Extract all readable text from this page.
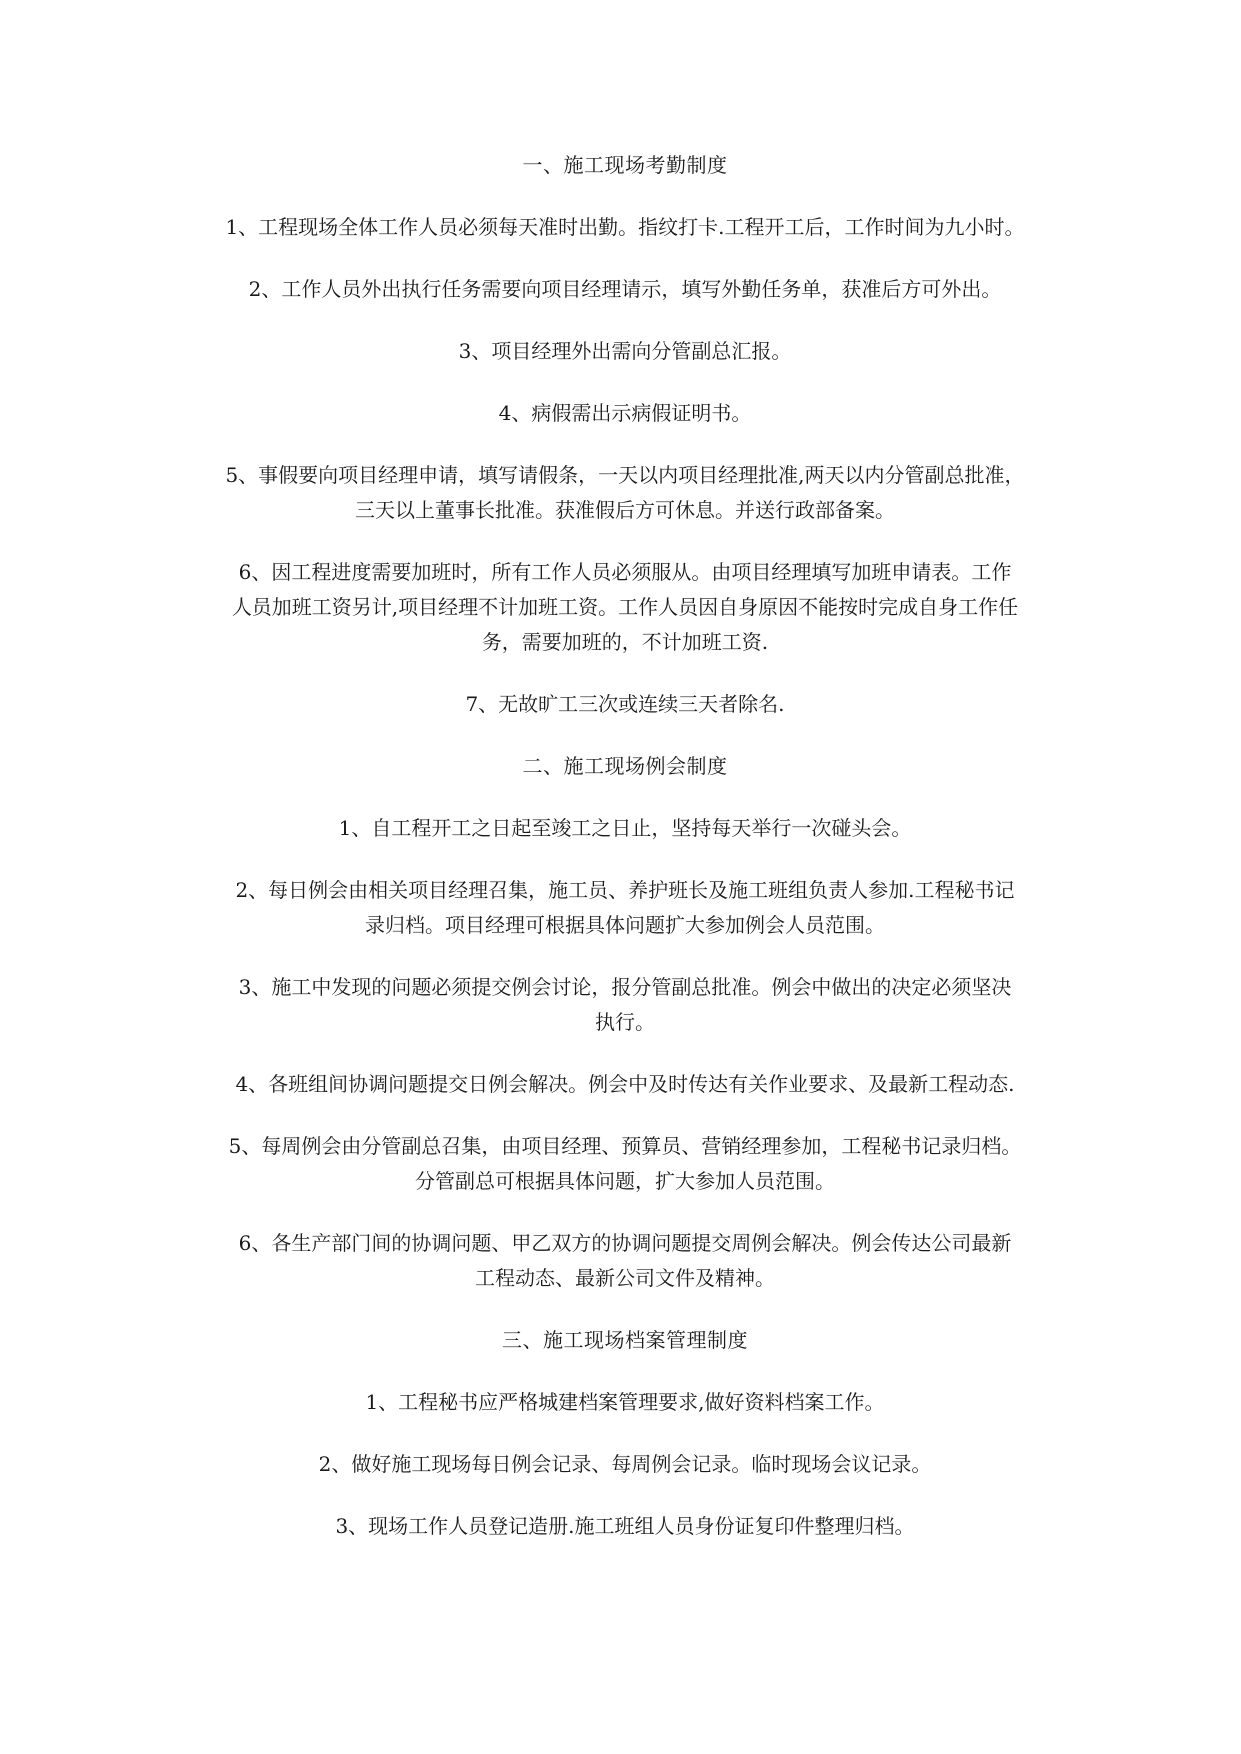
一、施工现场考勤制度

1、工程现场全体工作人员必须每天准时出勤。指纹打卡.工程开工后，工作时间为九小时。

2、工作人员外出执行任务需要向项目经理请示，填写外勤任务单，获准后方可外出。

3、项目经理外出需向分管副总汇报。

4、病假需出示病假证明书。

5、事假要向项目经理申请，填写请假条，一天以内项目经理批准,两天以内分管副总批准，
三天以上董事长批准。获准假后方可休息。并送行政部备案。

6、因工程进度需要加班时，所有工作人员必须服从。由项目经理填写加班申请表。工作
人员加班工资另计,项目经理不计加班工资。工作人员因自身原因不能按时完成自身工作任
务，需要加班的，不计加班工资.

7、无故旷工三次或连续三天者除名.

二、施工现场例会制度

1、自工程开工之日起至竣工之日止，坚持每天举行一次碰头会。

2、每日例会由相关项目经理召集，施工员、养护班长及施工班组负责人参加.工程秘书记
录归档。项目经理可根据具体问题扩大参加例会人员范围。

3、施工中发现的问题必须提交例会讨论，报分管副总批准。例会中做出的决定必须坚决
执行。

4、各班组间协调问题提交日例会解决。例会中及时传达有关作业要求、及最新工程动态.

5、每周例会由分管副总召集，由项目经理、预算员、营销经理参加，工程秘书记录归档。
分管副总可根据具体问题，扩大参加人员范围。

6、各生产部门间的协调问题、甲乙双方的协调问题提交周例会解决。例会传达公司最新
工程动态、最新公司文件及精神。

三、施工现场档案管理制度

1、工程秘书应严格城建档案管理要求,做好资料档案工作。

2、做好施工现场每日例会记录、每周例会记录。临时现场会议记录。

3、现场工作人员登记造册.施工班组人员身份证复印件整理归档。
